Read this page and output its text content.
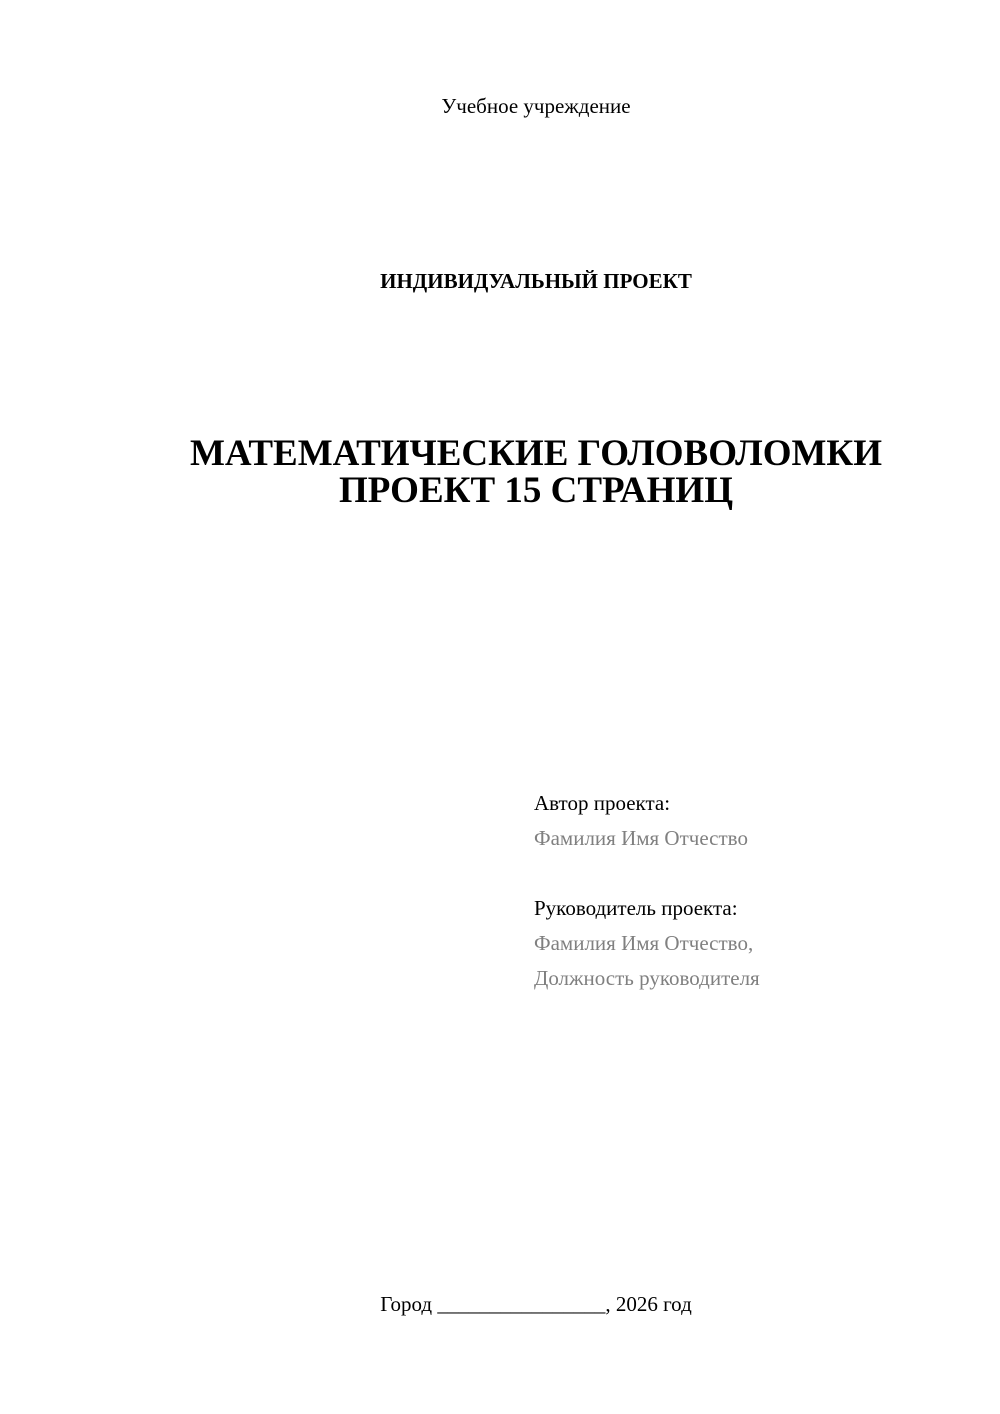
Учебное учреждение
ИНДИВИДУАЛЬНЫЙ ПРОЕКТ
МАТЕМАТИЧЕСКИЕ ГОЛОВОЛОМКИ
ПРОЕКТ 15 СТРАНИЦ
Автор проекта:
Фамилия Имя Отчество
Руководитель проекта:
Фамилия Имя Отчество,
Должность руководителя
Город ________________, 2026 год
